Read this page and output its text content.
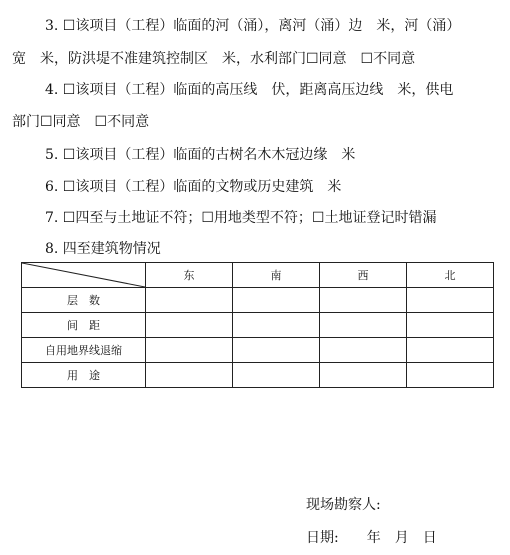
3. ☐该项目（工程）临面的河（涌），离河（涌）边　米，河（涌）
宽　米，防洪堤不准建筑控制区　米，水利部门☐同意　☐不同意
4. ☐该项目（工程）临面的高压线　伏，距离高压边线　米，供电
部门☐同意　☐不同意
5. ☐该项目（工程）临面的古树名木木冠边缘　米
6. ☐该项目（工程）临面的文物或历史建筑　米
7. ☐四至与土地证不符；☐用地类型不符；☐土地证登记时错漏
8. 四至建筑物情况
	东	南	西	北
层　数				
间　距				
自用地界线退缩				
用　途				
现场勘察人:
日期:　　年　月　日
